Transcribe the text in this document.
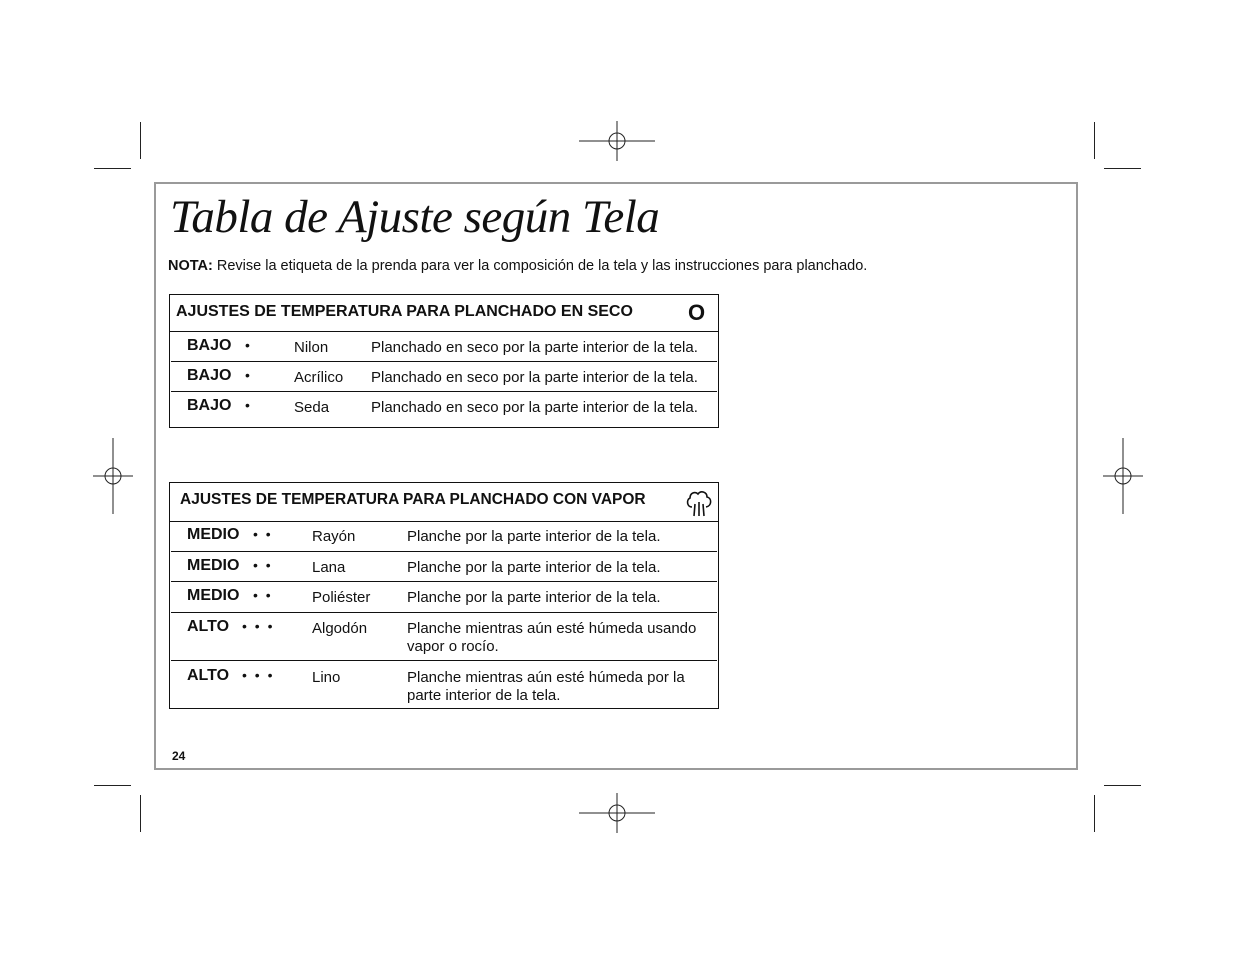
Tabla de Ajuste según Tela
NOTA: Revise la etiqueta de la prenda para ver la composición de la tela y las instrucciones para planchado.
AJUSTES DE TEMPERATURA PARA PLANCHADO EN SECO	O
BAJO •	Nilon	Planchado en seco por la parte interior de la tela.
BAJO •	Acrílico Planchado en seco por la parte interior de la tela.
BAJO •	Seda	Planchado en seco por la parte interior de la tela.
AJUSTES DE TEMPERATURA PARA PLANCHADO CON VAPOR
MEDIO • •	Rayón	Planche por la parte interior de la tela.
MEDIO • •	Lana	Planche por la parte interior de la tela.
MEDIO • •	Poliéster Planche por la parte interior de la tela.
ALTO • • •	Algodón	Planche mientras aún esté húmeda usando
vapor o rocío.
ALTO • • •	Lino	Planche mientras aún esté húmeda por la
parte interior de la tela.
24
